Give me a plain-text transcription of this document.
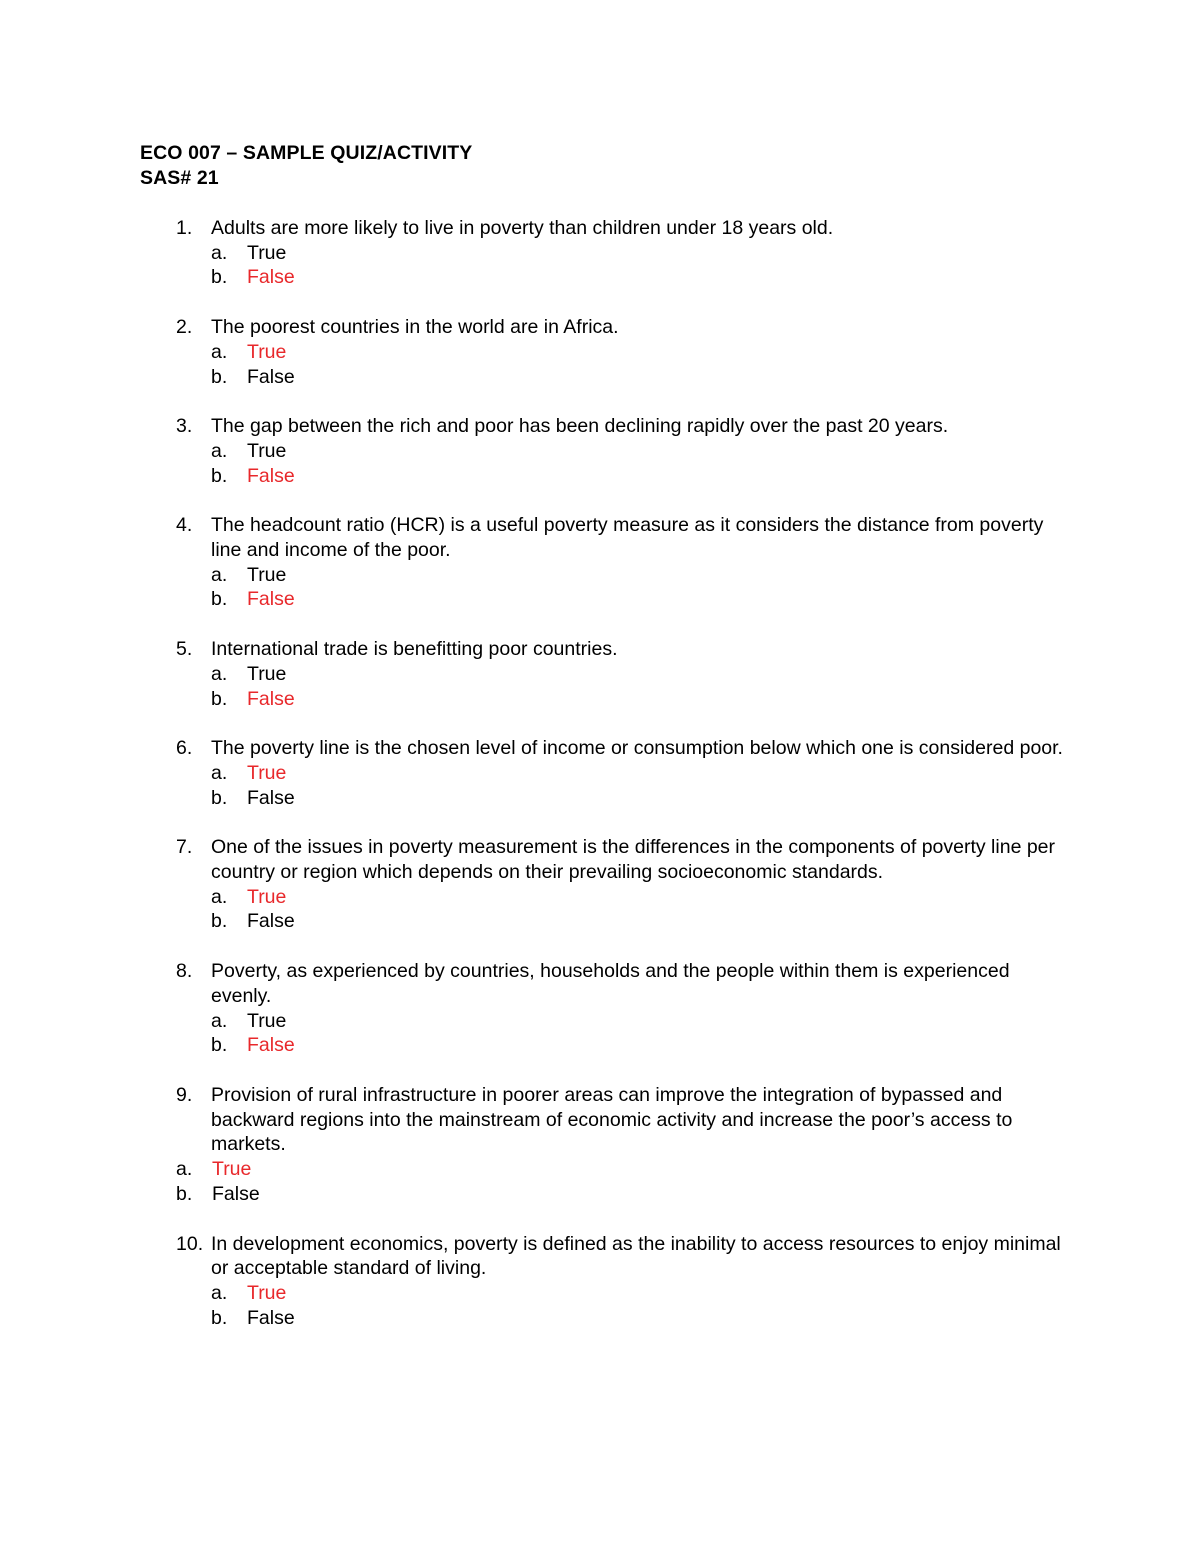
ECO 007 – SAMPLE QUIZ/ACTIVITY
SAS# 21
1. Adults are more likely to live in poverty than children under 18 years old.
a.	True
b.	False
2. The poorest countries in the world are in Africa.
a.	True
b.	False
3. The gap between the rich and poor has been declining rapidly over the past 20 years.
a.	True
b.	False
4. The headcount ratio (HCR) is a useful poverty measure as it considers the distance from poverty line and income of the poor.
a.	True
b.	False
5. International trade is benefitting poor countries.
a.	True
b.	False
6. The poverty line is the chosen level of income or consumption below which one is considered poor.
a.	True
b.	False
7. One of the issues in poverty measurement is the differences in the components of poverty line per country or region which depends on their prevailing socioeconomic standards.
a.	True
b.	False
8. Poverty, as experienced by countries, households and the people within them is experienced evenly.
a.	True
b.	False
9. Provision of rural infrastructure in poorer areas can improve the integration of bypassed and backward regions into the mainstream of economic activity and increase the poor’s access to markets.
a.	True
b.	False
10. In development economics, poverty is defined as the inability to access resources to enjoy minimal or acceptable standard of living.
a.	True
b.	False
